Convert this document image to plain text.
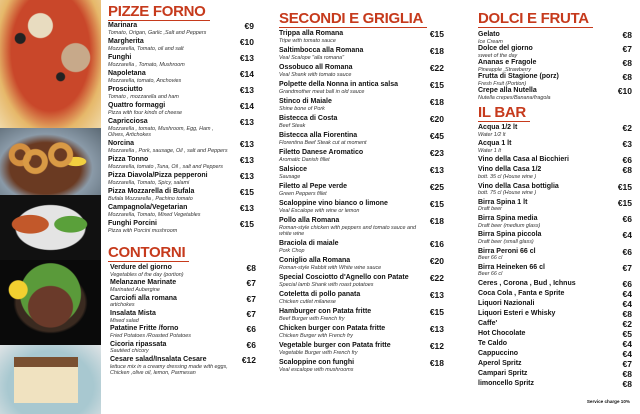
PIZZE FORNO
Marinara
Tomato, Origan, Garlic ,Salt and Peppers
€9
Margherita
Mozzarella, Tomato, oil and salt
€10
Funghi
Mozzarella , Tomato, Mushroom
€13
Napoletana
Mozzarella, tomato, Anchovies
€14
Prosciutto
Tomato , mozzarella and ham
€13
Quattro formaggi
Pizza with four kinds of cheese
€14
Capricciosa
Mozzarella , tomato, Mushroom, Egg, Ham , Olives, Artichokes
€13
Norcina
Mozzarella , Pork, sausage, Oil , salt and Peppers
€13
Pizza Tonno
Mozzarella, tomato ,Tuna, Oil , salt and Peppers
€13
Pizza Diavola/Pizza pepperoni
Mozzarella, Tomato, Spicy, salami
€13
Pizza Mozzarella di Bufala
Bufala Mozzarella , Pachino tomato
€15
Campagnola/Vegetarian
Mozzarella, Tomato, Mixed Vegetables
€13
Funghi Porcini
Pizza with Porcini mushroom
€15
CONTORNI
Verdure del giorno
Vegetables of the day (portion)
€8
Melanzane Marinate
Marinated Aubergine
€7
Carciofi alla romana
artichokes
€7
Insalata Mista
Mixed salad
€7
Patatine Fritte /forno
Fried Potatoes /Roasted Potatoes
€6
Cicoria ripassata
Sautéed chicory
€6
Cesare salad/Insalata Cesare
lettuce mix in a creamy dressing made with eggs, Chicken ,olive oil, lemon, Parmesan
€12
SECONDI E GRIGLIA
Trippa alla Romana
Tripe with tomato sauce
€15
Saltimbocca alla Romana
Veal Scalope "alla romana"
€18
Ossobuco all Romana
Veal Shank with tomato sauce
€22
Polpette della Nonna in antica salsa
Grandmother meat ball in old sauce
€15
Stinco di Maiale
Shine bone of Pork
€18
Bistecca di Costa
Beef Steak
€20
Bistecca alla Fiorentina
Florentina Beef Steak cut at moment
€45
Filetto Danese Aromatico
Aromatic Danish fillet
€23
Salsicce
Sausage
€13
Filetto al Pepe verde
Green Peppers fillet
€25
Scaloppine vino bianco o limone
Veal Escalope with wine or lemon
€15
Pollo alla Romana
Roman-style chicken with peppers and tomato sauce and white wine
€18
Braciola di maiale
Pork Chop
€16
Coniglio alla Romana
Roman-style Rabbit with White wine sauce
€20
Special Cosciotto d'Agnello con Patate
Special lamb Shank with roast potatoes
€22
Coteletta di pollo panata
Chicken cutlet milanese
€13
Hamburger con Patata fritte
Beef Burger with French fry
€15
Chicken burger con Patata fritte
Chicken Burger with French fry
€13
Vegetable burger con Patata fritte
Vegetable Burger with French fry
€12
Scaloppine con funghi
Veal escalope with mushrooms
€18
DOLCI E FRUTA
Gelato
Ice Cream
€8
Dolce del giorno
sweet of the day
€7
Ananas e Fragole
Pineapple ,Strawberry
€8
Frutta di Stagione (porz)
Fresh Fruit (Portion)
€8
Crepe alla Nutella
Nutella crepes/Banana/fragola
€10
IL BAR
Acqua 1/2 lt
Water 1/2 lt
€2
Acqua 1 lt
Water 1 lt
€3
Vino della Casa al Bicchieri	€6
Vino della Casa 1/2
bott. 35 cl (House wine )
€8
Vino della Casa bottiglia
bott. 75 cl (House wine )
€15
Birra Spina 1 lt
Draft beer
€15
Birra Spina media
Draft beer (medium glass)
€6
Birra Spina piccola
Draft beer (small glass)
€4
Birra Peroni 66 cl
Beer 66 cl
€6
Birra Heineken 66 cl
Beer 66 cl
€7
Ceres , Corona , Bud , Ichnus	€6
Coca Cola , Fanta e Sprite	€4
Liquori Nazionali	€4
Liquori Esteri e Whisky	€8
Caffe'	€2
Hot Chocolate	€5
Te Caldo	€4
Cappuccino	€4
Aperol Spritz	€7
Campari Spritz	€8
limoncello Spritz	€8
Service charge 10%
